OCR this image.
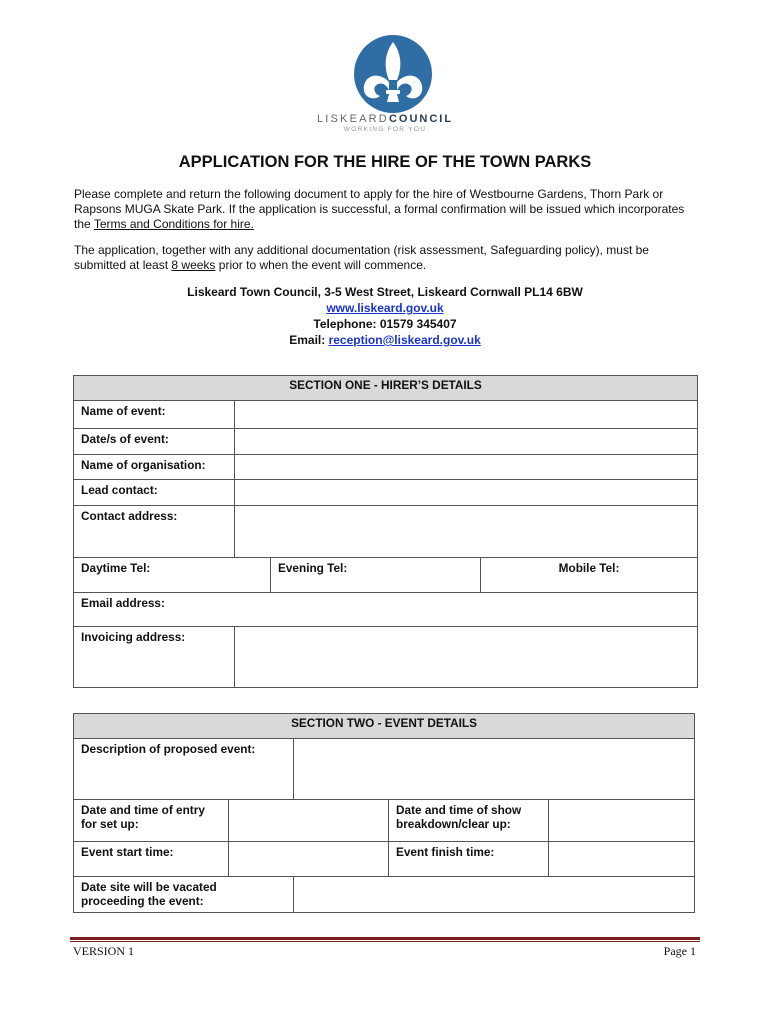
LISKEARDCOUNCIL
WORKING FOR YOU
APPLICATION FOR THE HIRE OF THE TOWN PARKS
Please complete and return the following document to apply for the hire of Westbourne Gardens, Thorn Park or Rapsons MUGA Skate Park. If the application is successful, a formal confirmation will be issued which incorporates the Terms and Conditions for hire.
The application, together with any additional documentation (risk assessment, Safeguarding policy), must be submitted at least 8 weeks prior to when the event will commence.
Liskeard Town Council, 3-5 West Street, Liskeard Cornwall PL14 6BW
www.liskeard.gov.uk
Telephone: 01579 345407
Email: reception@liskeard.gov.uk
SECTION ONE - HIRER’S DETAILS			
Name of event:			
Date/s of event:			
Name of organisation:			
Lead contact:			
Contact address:			
Daytime Tel:		Evening Tel:	Mobile Tel:
Email address:			
Invoicing address:			
SECTION TWO - EVENT DETAILS				
Description of proposed event:				
Date and time of entry
for set up:			Date and time of show
breakdown/clear up:	
Event start time:			Event finish time:	
Date site will be vacated
proceeding the event:				
VERSION 1	Page 1
